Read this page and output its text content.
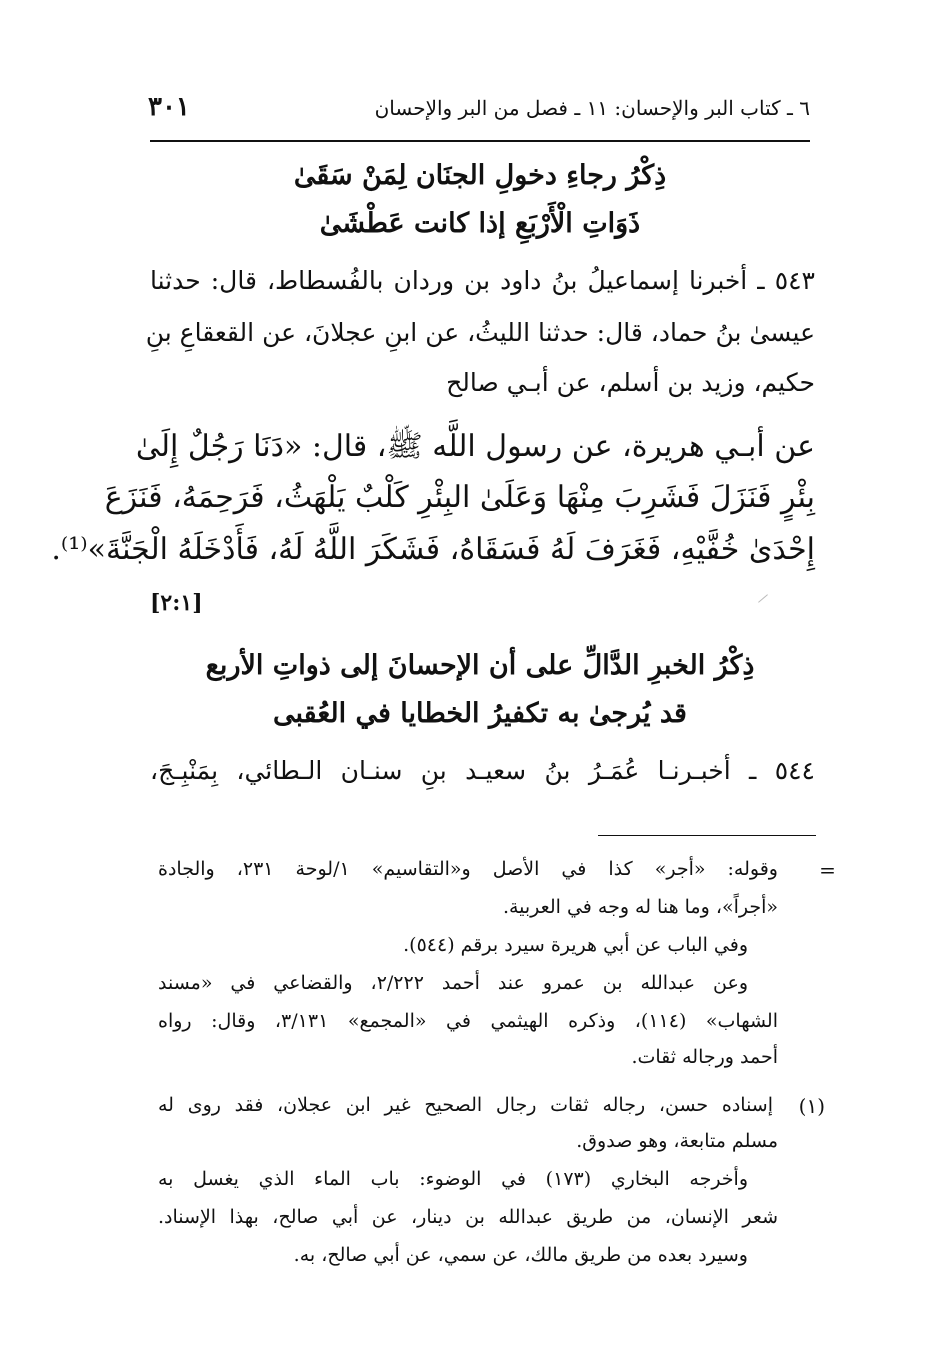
٦ ـ كتاب البر والإحسان: ١١ ـ فصل من البر والإحسان
٣٠١
ذِكْرُ رجاءِ دخولِ الجنَان لِمَنْ سَقَىٰ
ذَوَاتِ الْأَرْبَعِ إذا كانت عَطْشَىٰ
٥٤٣ ـ أخبرنا إسماعيلُ بنُ داود بن وردان بالفُسطاط، قال: حدثنا
عيسىٰ بنُ حماد، قال: حدثنا الليثُ، عن ابنِ عجلانَ، عن القعقاعِ بنِ
حكيم، وزيد بن أسلم، عن أبـي صالح
عن أبـي هريرة، عن رسول اللَّه ﷺ، قال: «دَنَا رَجُلٌ إِلَىٰ
بِئْرٍ فَنَزَلَ فَشَرِبَ مِنْهَا وَعَلَىٰ البِئْرِ كَلْبٌ يَلْهَثُ، فَرَحِمَهُ، فَنَزَعَ
إِحْدَىٰ خُفَّيْهِ، فَغَرَفَ لَهُ فَسَقَاهُ، فَشَكَرَ اللَّهُ لَهُ، فَأَدْخَلَهُ الْجَنَّةَ»⁽¹⁾.
[٢:١]
ذِكْرُ الخبرِ الدَّالِّ على أن الإحسانَ إلى ذواتِ الأربع
قد يُرجىٰ به تكفيرُ الخطايا في العُقبى
٥٤٤ ـ أخبـرنـا عُمَـرُ بنُ سعيـد بنِ سنـان الـطائي، بِمَنْبِـجَ،
=
وقوله: «أجر» كذا في الأصل و«التقاسيم» ١/لوحة ٢٣١، والجادة
«أجراً»، وما هنا له وجه في العربية.
وفي الباب عن أبي هريرة سيرد برقم (٥٤٤).
وعن عبدالله بن عمرو عند أحمد ٢/٢٢٢، والقضاعي في «مسند
الشهاب» (١١٤)، وذكره الهيثمي في «المجمع» ٣/١٣١، وقال: رواه
أحمد ورجاله ثقات.
(١)
إسناده حسن، رجاله ثقات رجال الصحيح غير ابن عجلان، فقد روى له
مسلم متابعة، وهو صدوق.
وأخرجه البخاري (١٧٣) في الوضوء: باب الماء الذي يغسل به
شعر الإنسان، من طريق عبدالله بن دينار، عن أبي صالح، بهذا الإسناد.
وسيرد بعده من طريق مالك، عن سمي، عن أبي صالح، به.
